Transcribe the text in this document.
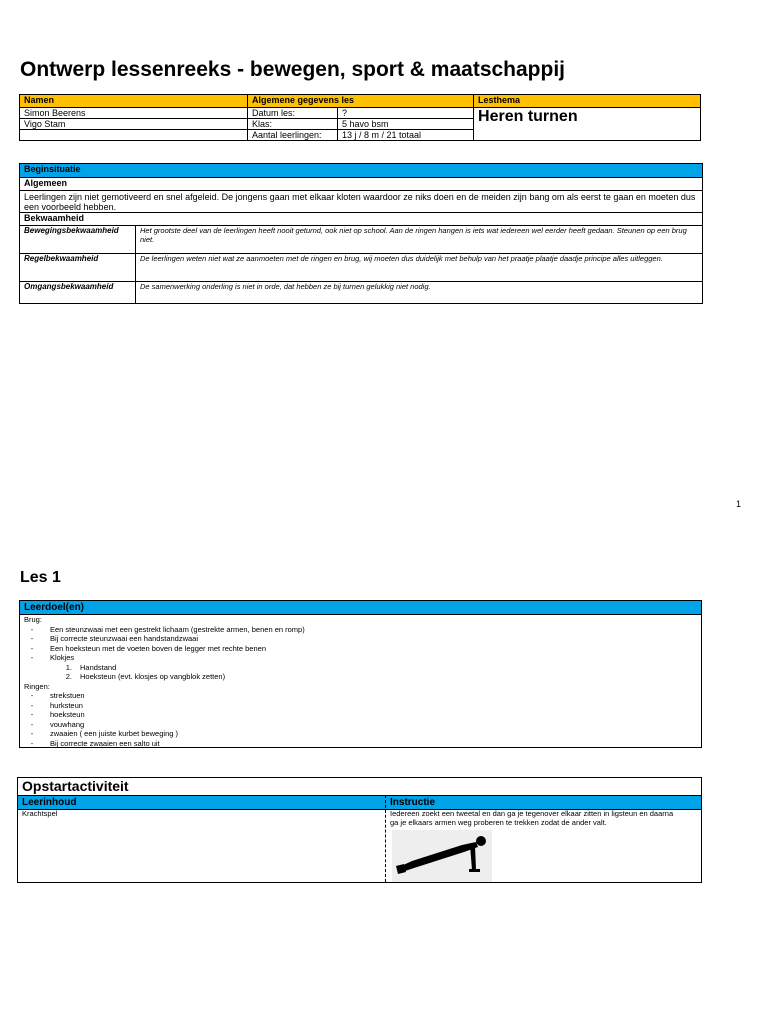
Ontwerp lessenreeks - bewegen, sport & maatschappij
Namen	Algemene gegevens les		Lesthema
Simon Beerens	Datum les:	?	Heren turnen
Vigo Stam	Klas:	5 havo bsm	
	Aantal leerlingen:	13 j / 8 m / 21 totaal	
Beginsituatie	
Algemeen	
Leerlingen zijn niet gemotiveerd en snel afgeleid. De jongens gaan met elkaar kloten waardoor ze niks doen en de meiden zijn bang om als eerst te gaan en moeten dus een voorbeeld hebben.	
Bekwaamheid	
Bewegingsbekwaamheid	Het grootste deel van de leerlingen heeft nooit geturnd, ook niet op school. Aan de ringen hangen is iets wat iedereen wel eerder heeft gedaan. Steunen op een brug niet.
Regelbekwaamheid	De leerlingen weten niet wat ze aanmoeten met de ringen en brug, wij moeten dus duidelijk met behulp van het praatje plaatje daadje principe alles uitleggen.
Omgangsbekwaamheid	De samenwerking onderling is niet in orde, dat hebben ze bij turnen gelukkig niet nodig.
1
Les 1
Leerdoel(en)
Brug:
- Een steunzwaai met een gestrekt lichaam (gestrekte armen, benen en romp)
- Bij correcte steunzwaai een handstandzwaai
- Een hoeksteun met de voeten boven de legger met rechte benen
- Klokjes
1. Handstand
2. Hoeksteun (evt. klosjes op vangblok zetten)
Ringen:
- strekstuen
- hurksteun
- hoeksteun
- vouwhang
- zwaaien ( een juiste kurbet beweging )
- Bij correcte zwaaien een salto uit
Opstartactiviteit
Leerinhoud	Instructie
Krachtspel	Iedereen zoekt een tweetal en dan ga je tegenover elkaar zitten in ligsteun en daarna ga je elkaars armen weg proberen te trekken zodat de ander valt.
